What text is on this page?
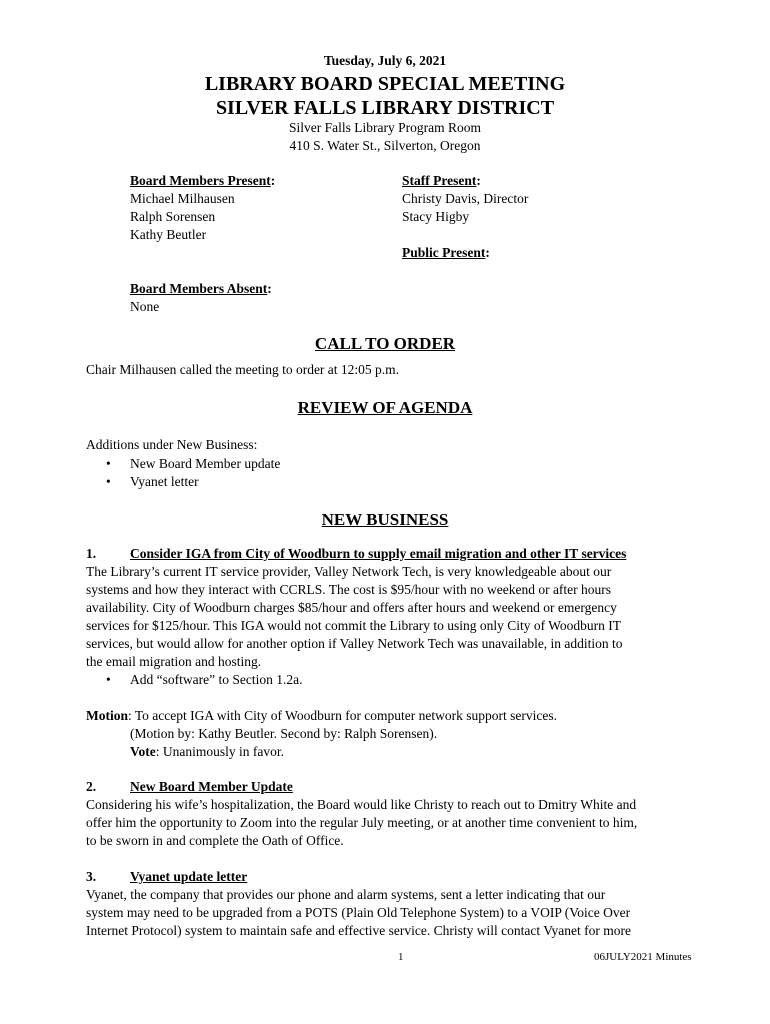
Tuesday, July 6, 2021
LIBRARY BOARD SPECIAL MEETING
SILVER FALLS LIBRARY DISTRICT
Silver Falls Library Program Room
410 S. Water St., Silverton, Oregon
Board Members Present:
Michael Milhausen
Ralph Sorensen
Kathy Beutler
Staff Present:
Christy Davis, Director
Stacy Higby
Public Present:
Board Members Absent:
None
CALL TO ORDER
Chair Milhausen called the meeting to order at 12:05 p.m.
REVIEW OF AGENDA
Additions under New Business:
• New Board Member update
• Vyanet letter
NEW BUSINESS
1.	Consider IGA from City of Woodburn to supply email migration and other IT services
The Library’s current IT service provider, Valley Network Tech, is very knowledgeable about our
systems and how they interact with CCRLS. The cost is $95/hour with no weekend or after hours
availability. City of Woodburn charges $85/hour and offers after hours and weekend or emergency
services for $125/hour. This IGA would not commit the Library to using only City of Woodburn IT
services, but would allow for another option if Valley Network Tech was unavailable, in addition to
the email migration and hosting.
• Add “software” to Section 1.2a.
Motion: To accept IGA with City of Woodburn for computer network support services.
(Motion by: Kathy Beutler. Second by: Ralph Sorensen).
Vote: Unanimously in favor.
2.	New Board Member Update
Considering his wife’s hospitalization, the Board would like Christy to reach out to Dmitry White and
offer him the opportunity to Zoom into the regular July meeting, or at another time convenient to him,
to be sworn in and complete the Oath of Office.
3.	Vyanet update letter
Vyanet, the company that provides our phone and alarm systems, sent a letter indicating that our
system may need to be upgraded from a POTS (Plain Old Telephone System) to a VOIP (Voice Over
Internet Protocol) system to maintain safe and effective service. Christy will contact Vyanet for more
1	06JULY2021 Minutes
